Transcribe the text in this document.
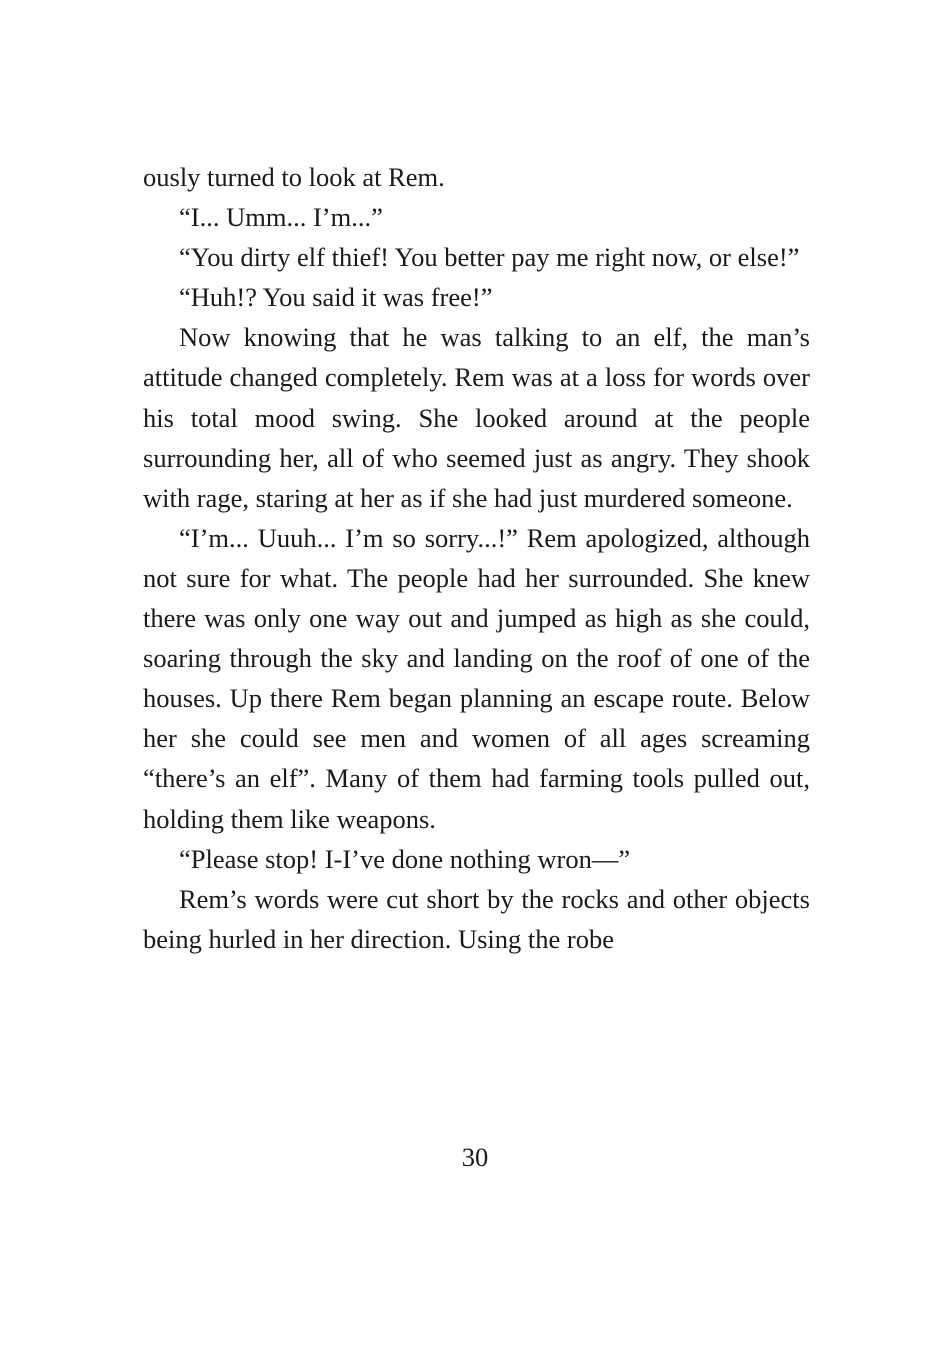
ously turned to look at Rem.

“I... Umm... I’m...”

“You dirty elf thief! You better pay me right now, or else!”

“Huh!? You said it was free!”

Now knowing that he was talking to an elf, the man’s attitude changed completely. Rem was at a loss for words over his total mood swing. She looked around at the people surrounding her, all of who seemed just as angry. They shook with rage, staring at her as if she had just murdered someone.

“I’m... Uuuh... I’m so sorry...!” Rem apologized, although not sure for what. The people had her surrounded. She knew there was only one way out and jumped as high as she could, soaring through the sky and landing on the roof of one of the houses. Up there Rem began planning an escape route. Below her she could see men and women of all ages screaming “there’s an elf”. Many of them had farming tools pulled out, holding them like weapons.

“Please stop! I-I’ve done nothing wron—”

Rem’s words were cut short by the rocks and other objects being hurled in her direction. Using the robe

30
